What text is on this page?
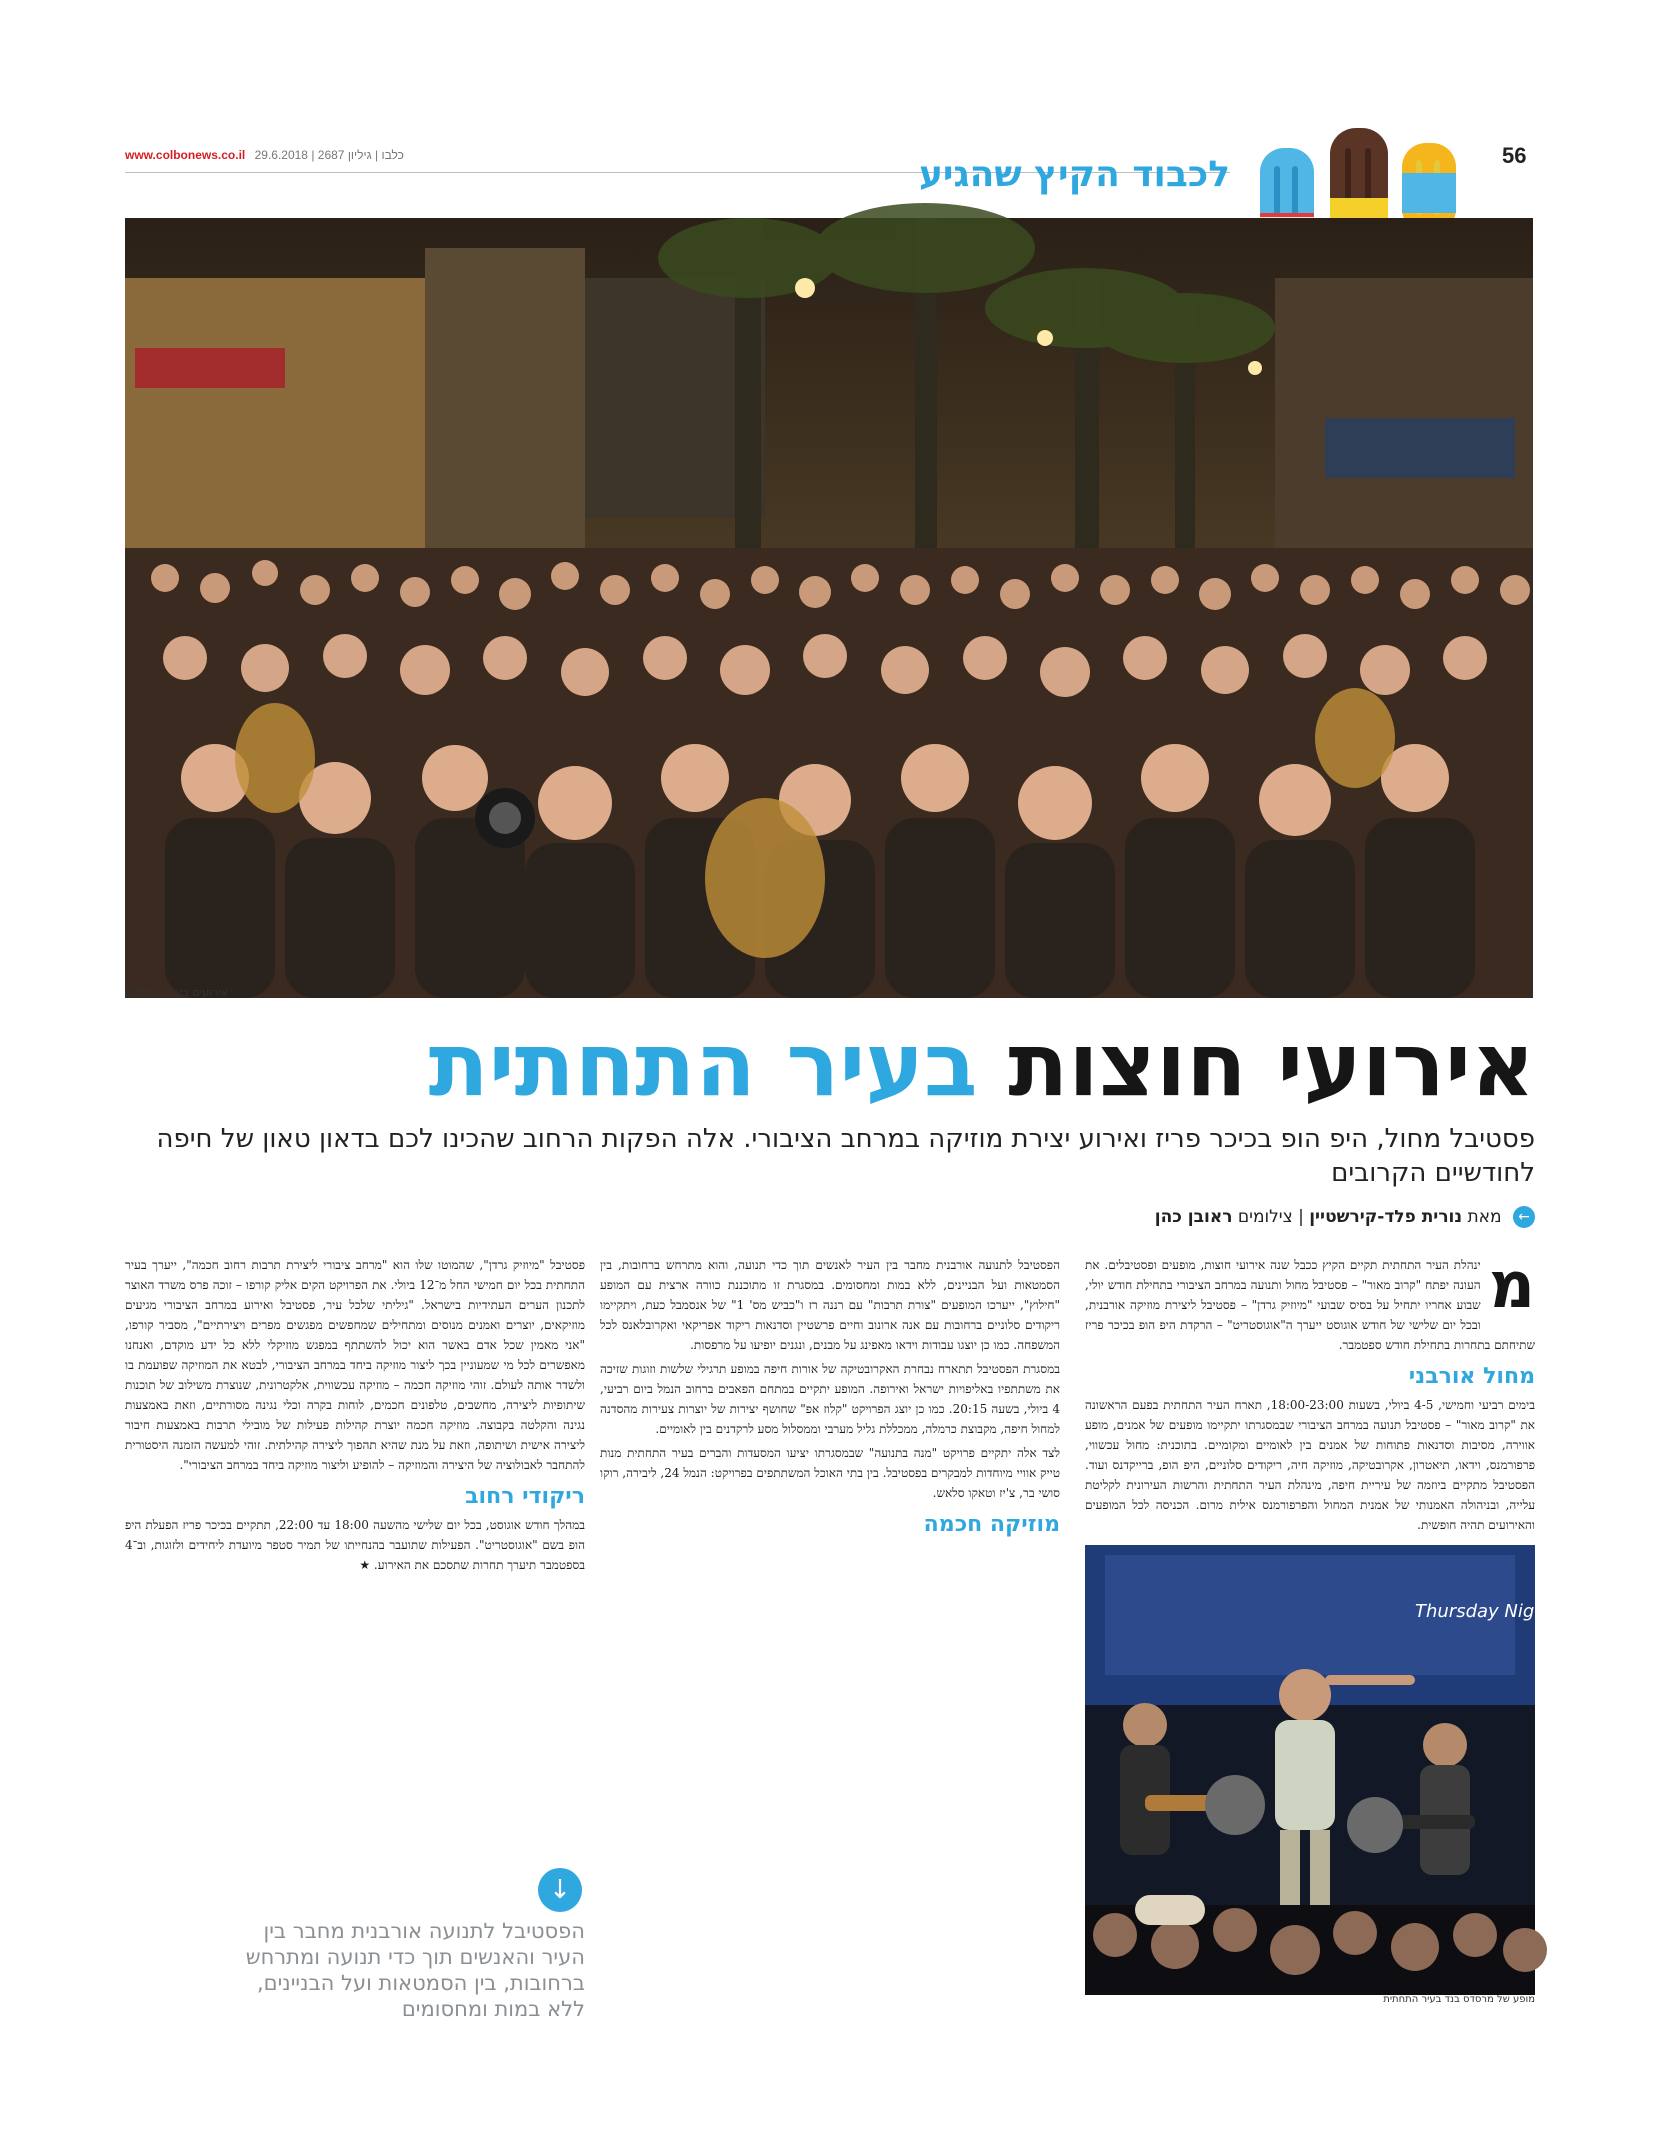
56
www.colbonews.co.il כלבו | גיליון 2687 | 29.6.2018	לכבוד הקיץ שהגיע
אירועים בעיר התחתית
אירועי חוצות בעיר התחתית
פסטיבל מחול, היפ הופ בכיכר פריז ואירוע יצירת מוזיקה במרחב הציבורי. אלה הפקות הרחוב שהכינו לכם בדאון טאון של חיפה לחודשיים הקרובים
← מאת נורית פלד-קירשטיין | צילומים ראובן כהן
מ

ינהלת העיר התחתית תקיים הקיץ ככבל שנה אירועי חוצות, מופעים ופסטיבלים. את העונה יפתח "קרוב מאור" – פסטיבל מחול ותנועה במרחב הציבורי בתחילת חודש יולי, שבוע אחריו יתחיל על בסיס שבועי "מיוזיק גרדן" – פסטיבל ליצירת מוזיקה אורבנית, ובכל יום שלישי של חודש אוגוסט ייערך ה"אוגוסטריט" – הרקדת היפ הופ בכיכר פריז שתיחתם בתחרות בתחילת חודש ספטמבר.

מחול אורבני

בימים רביעי וחמישי, 4-5 ביולי, בשעות 18:00-23:00, תארח העיר התחתית בפעם הראשונה את "קרוב מאור" – פסטיבל תנועה במרחב הציבורי שבמסגרתו יתקיימו מופעים של אמנים, מופע אווירה, מסיבות וסדנאות פתוחות של אמנים בין לאומיים ומקומיים. בתוכנית: מחול עכשווי, פרפורמנס, וידאו, תיאטרון, אקרובטיקה, מוזיקה חיה, ריקודים סלוניים, היפ הופ, ברייקדנס ועוד. הפסטיבל מתקיים ביוזמה של עיריית חיפה, מינהלת העיר התחתית והרשות העירונית לקליטת עלייה, ובניהולה האמנותי של אמנית המחול והפרפורמנס אילית מרום. הכניסה לכל המופעים והאירועים תהיה חופשית.

Thursday Nights
מופע של מרסדס בנד בעיר התחתית

הפסטיבל לתנועה אורבנית מחבר בין העיר לאנשים תוך כדי תנועה, והוא מתרחש ברחובות, בין הסמטאות ועל הבניינים, ללא במות ומחסומים. במסגרת זו מתוכננת כוורה ארצית עם המופע "חילוץ", ייערכו המופעים "צורת תרבות" עם רננה רז ו"כביש מס' 1" של אנסמבל כעת, ויתקיימו ריקודים סלוניים ברחובות עם אנה ארונוב וחיים פרשטיין וסדנאות ריקוד אפריקאי ואקרובלאנס לכל המשפחה. כמו כן יוצגו עבודות וידאו מאפינג על מבנים, ונגנים יופיעו על מרפסות.

במסגרת הפסטיבל תתארח נבחרת האקרובטיקה של אורות חיפה במופע תרגילי שלשות וזוגות שזיכה את משתתפיו באליפויות ישראל ואירופה. המופע יתקיים במתחם הפאבים ברחוב הנמל ביום רביעי, 4 ביולי, בשעה 20:15. כמו כן יוצג הפרויקט "קלוז אפ" שחושף יצירות של יוצרות צעירות מהסדנה למחול חיפה, מקבוצת כרמלה, ממכללת גליל מערבי וממסלול מסע לרקדנים בין לאומיים.

לצד אלה יתקיים פרויקט "מנה בתנועה" שבמסגרתו יציעו המסעדות והברים בעיר התחתית מנות טייק אוויי מיוחדות למבקרים בפסטיבל. בין בתי האוכל המשתתפים בפרויקט: הנמל 24, ליבירה, רוקו סושי בר, צ'יז וטאקו סלאש.

מוזיקה חכמה

פסטיבל "מיוזיק גרדן", שהמוטו שלו הוא "מרחב ציבורי ליצירת תרבות רחוב חכמה", ייערך בעיר התחתית בכל יום חמישי החל מ־12 ביולי. את הפרויקט הקים אליק קורפו – זוכה פרס משרד האוצר לתכנון הערים העתידיות בישראל. "גיליתי שלכל עיר, פסטיבל ואירוע במרחב הציבורי מגיעים מוזיקאים, יוצרים ואמנים מנוסים ומתחילים שמחפשים מפגשים מפרים ויצירתיים", מסביר קורפו, "אני מאמין שכל אדם באשר הוא יכול להשתתף במפגש מוזיקלי ללא כל ידע מוקדם, ואנחנו מאפשרים לכל מי שמעוניין בכך ליצור מוזיקה ביחד במרחב הציבורי, לבטא את המוזיקה שפועמת בו ולשדר אותה לעולם. זוהי מוזיקה חכמה – מוזיקה עכשווית, אלקטרונית, שנוצרת משילוב של תוכנות שיתופיות ליצירה, מחשבים, טלפונים חכמים, לוחות בקרה וכלי נגינה מסורתיים, וזאת באמצעות נגינה והקלטה בקבוצה. מוזיקה חכמה יוצרת קהילות פעילות של מובילי תרבות באמצעות חיבור ליצירה אישית ושיתופה, וזאת על מנת שהיא תהפוך ליצירה קהילתית. זוהי למעשה הזמנה היסטורית להתחבר לאבולוציה של היצירה והמוזיקה – להופיע וליצור מוזיקה ביחד במרחב הציבורי".

ריקודי רחוב

במהלך חודש אוגוסט, בכל יום שלישי מהשעה 18:00 עד 22:00, תתקיים בכיכר פריז הפעלת היפ הופ בשם "אוגוסטריט". הפעילות שתועבר בהנחייתו של תמיר סטפר מיועדת ליחידים ולזוגות, וב־4 בספטמבר תיערך תחרות שתסכם את האירוע. ★

↓
הפסטיבל לתנועה אורבנית מחבר בין העיר והאנשים תוך כדי תנועה ומתרחש ברחובות, בין הסמטאות ועל הבניינים, ללא במות ומחסומים
